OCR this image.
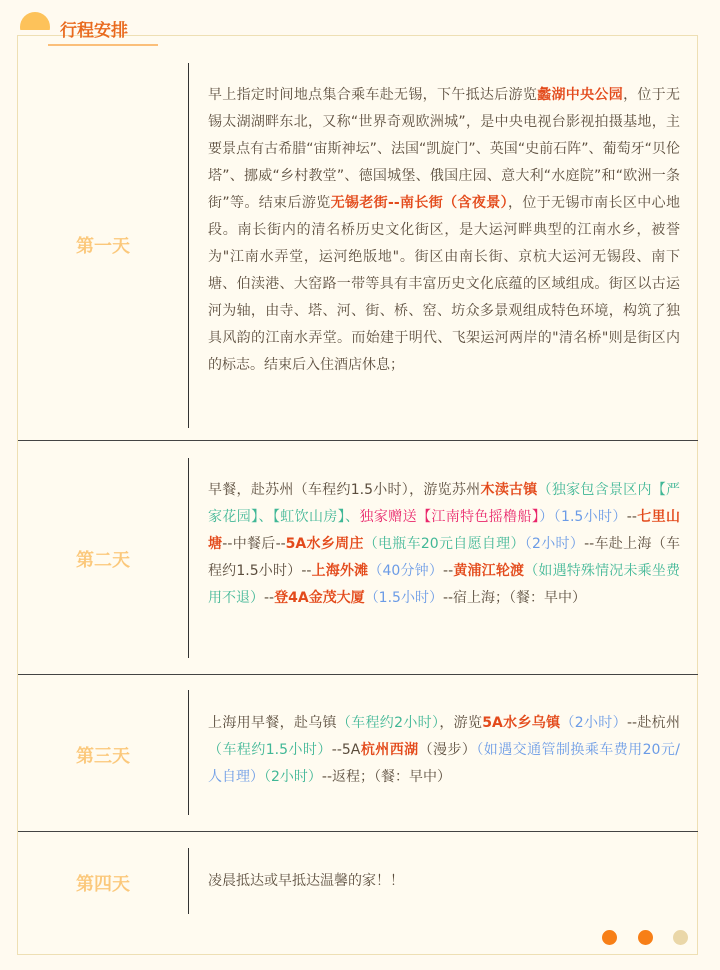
行程安排
第一天
早上指定时间地点集合乘车赴无锡，下午抵达后游览蠡湖中央公园，位于无锡太湖湖畔东北，又称“世界奇观欧洲城”，是中央电视台影视拍摄基地，主要景点有古希腊“宙斯神坛”、法国“凯旋门”、英国“史前石阵”、葡萄牙“贝伦塔”、挪威“乡村教堂”、德国城堡、俄国庄园、意大利“水庭院”和“欧洲一条街”等。结束后游览无锡老街--南长街（含夜景），位于无锡市南长区中心地段。南长街内的清名桥历史文化街区，是大运河畔典型的江南水乡，被誉为"江南水弄堂，运河绝版地"。街区由南长街、京杭大运河无锡段、南下塘、伯渎港、大窑路一带等具有丰富历史文化底蕴的区域组成。街区以古运河为轴，由寺、塔、河、街、桥、窑、坊众多景观组成特色环境，构筑了独具风韵的江南水弄堂。而始建于明代、飞架运河两岸的"清名桥"则是街区内的标志。结束后入住酒店休息；
第二天
早餐，赴苏州（车程约1.5小时），游览苏州木渎古镇（独家包含景区内【严家花园】、【虹饮山房】、独家赠送【江南特色摇橹船】）（1.5小时）--七里山塘--中餐后--5A水乡周庄（电瓶车20元自愿自理）（2小时）--车赴上海（车程约1.5小时）--上海外滩（40分钟）--黄浦江轮渡（如遇特殊情况未乘坐费用不退）--登4A金茂大厦（1.5小时）--宿上海；（餐：早中）
第三天
上海用早餐，赴乌镇（车程约2小时），游览5A水乡乌镇（2小时）--赴杭州（车程约1.5小时）--5A杭州西湖（漫步）（如遇交通管制换乘车费用20元/人自理）（2小时）--返程；（餐：早中）
第四天	凌晨抵达或早抵达温馨的家！！
